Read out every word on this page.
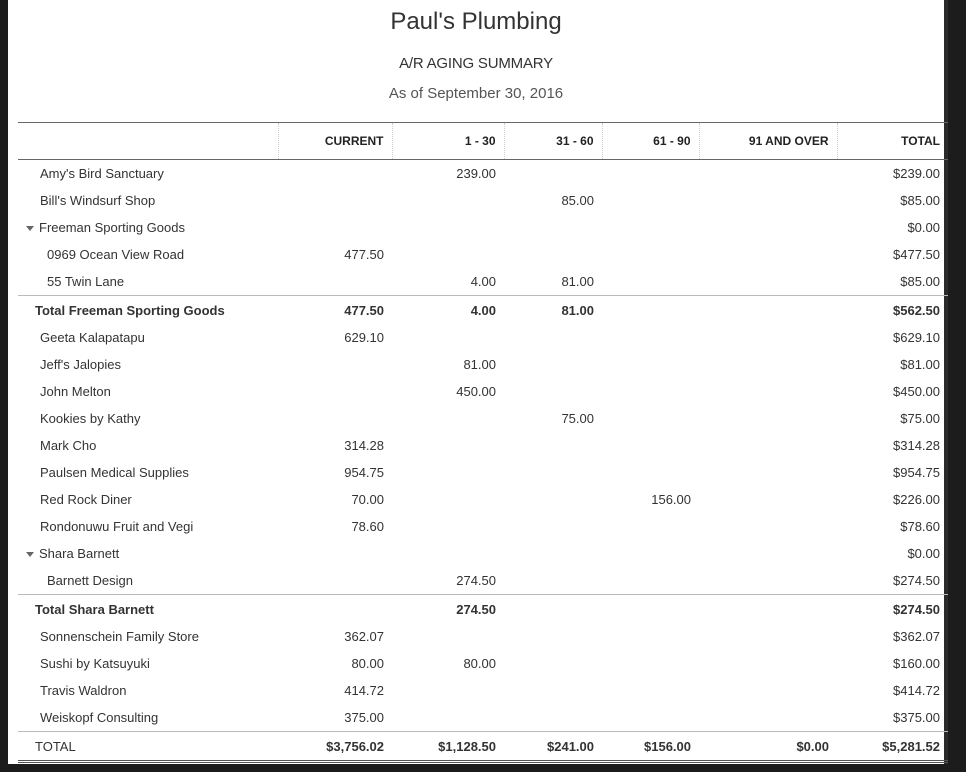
Paul's Plumbing
A/R AGING SUMMARY
As of September 30, 2016
	CURRENT	1 - 30	31 - 60	61 - 90	91 AND OVER	TOTAL
Amy's Bird Sanctuary		239.00				$239.00
Bill's Windsurf Shop			85.00			$85.00
Freeman Sporting Goods						$0.00
0969 Ocean View Road	477.50					$477.50
55 Twin Lane		4.00	81.00			$85.00
Total Freeman Sporting Goods	477.50	4.00	81.00			$562.50
Geeta Kalapatapu	629.10					$629.10
Jeff's Jalopies		81.00				$81.00
John Melton		450.00				$450.00
Kookies by Kathy			75.00			$75.00
Mark Cho	314.28					$314.28
Paulsen Medical Supplies	954.75					$954.75
Red Rock Diner	70.00			156.00		$226.00
Rondonuwu Fruit and Vegi	78.60					$78.60
Shara Barnett						$0.00
Barnett Design		274.50				$274.50
Total Shara Barnett		274.50				$274.50
Sonnenschein Family Store	362.07					$362.07
Sushi by Katsuyuki	80.00	80.00				$160.00
Travis Waldron	414.72					$414.72
Weiskopf Consulting	375.00					$375.00
TOTAL	$3,756.02	$1,128.50	$241.00	$156.00	$0.00	$5,281.52
